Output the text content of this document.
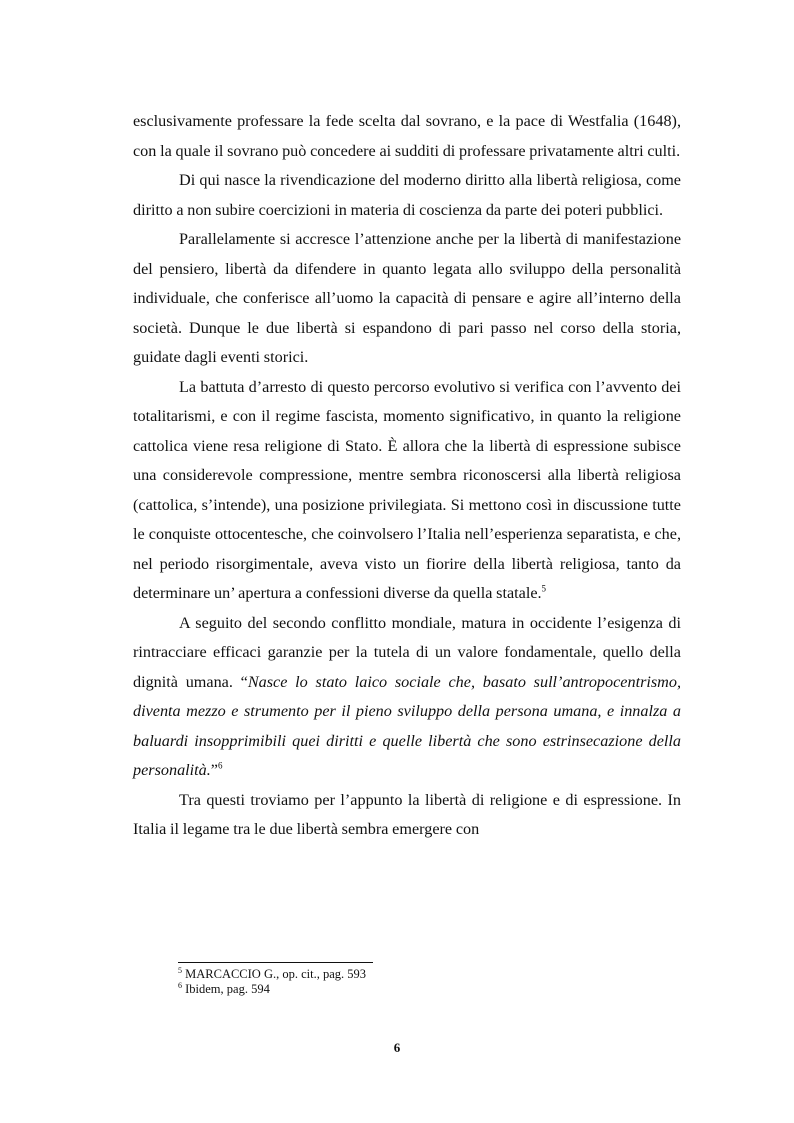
esclusivamente professare la fede scelta dal sovrano, e la pace di Westfalia (1648), con la quale il sovrano può concedere ai sudditi di professare privatamente altri culti.

Di qui nasce la rivendicazione del moderno diritto alla libertà religiosa, come diritto a non subire coercizioni in materia di coscienza da parte dei poteri pubblici.

Parallelamente si accresce l’attenzione anche per la libertà di manifestazione del pensiero, libertà da difendere in quanto legata allo sviluppo della personalità individuale, che conferisce all’uomo la capacità di pensare e agire all’interno della società. Dunque le due libertà si espandono di pari passo nel corso della storia, guidate dagli eventi storici.

La battuta d’arresto di questo percorso evolutivo si verifica con l’avvento dei totalitarismi, e con il regime fascista, momento significativo, in quanto la religione cattolica viene resa religione di Stato. È allora che la libertà di espressione subisce una considerevole compressione, mentre sembra riconoscersi alla libertà religiosa (cattolica, s’intende), una posizione privilegiata. Si mettono così in discussione tutte le conquiste ottocentesche, che coinvolsero l’Italia nell’esperienza separatista, e che, nel periodo risorgimentale, aveva visto un fiorire della libertà religiosa, tanto da determinare un’ apertura a confessioni diverse da quella statale.$^5$

A seguito del secondo conflitto mondiale, matura in occidente l’esigenza di rintracciare efficaci garanzie per la tutela di un valore fondamentale, quello della dignità umana. “Nasce lo stato laico sociale che, basato sull’antropocentrismo, diventa mezzo e strumento per il pieno sviluppo della persona umana, e innalza a baluardi insopprimibili quei diritti e quelle libertà che sono estrinsecazione della personalità.”$^6$

Tra questi troviamo per l’appunto la libertà di religione e di espressione. In Italia il legame tra le due libertà sembra emergere con

$^5$ MARCACCIO G., op. cit., pag. 593

$^6$ Ibidem, pag. 594

6
